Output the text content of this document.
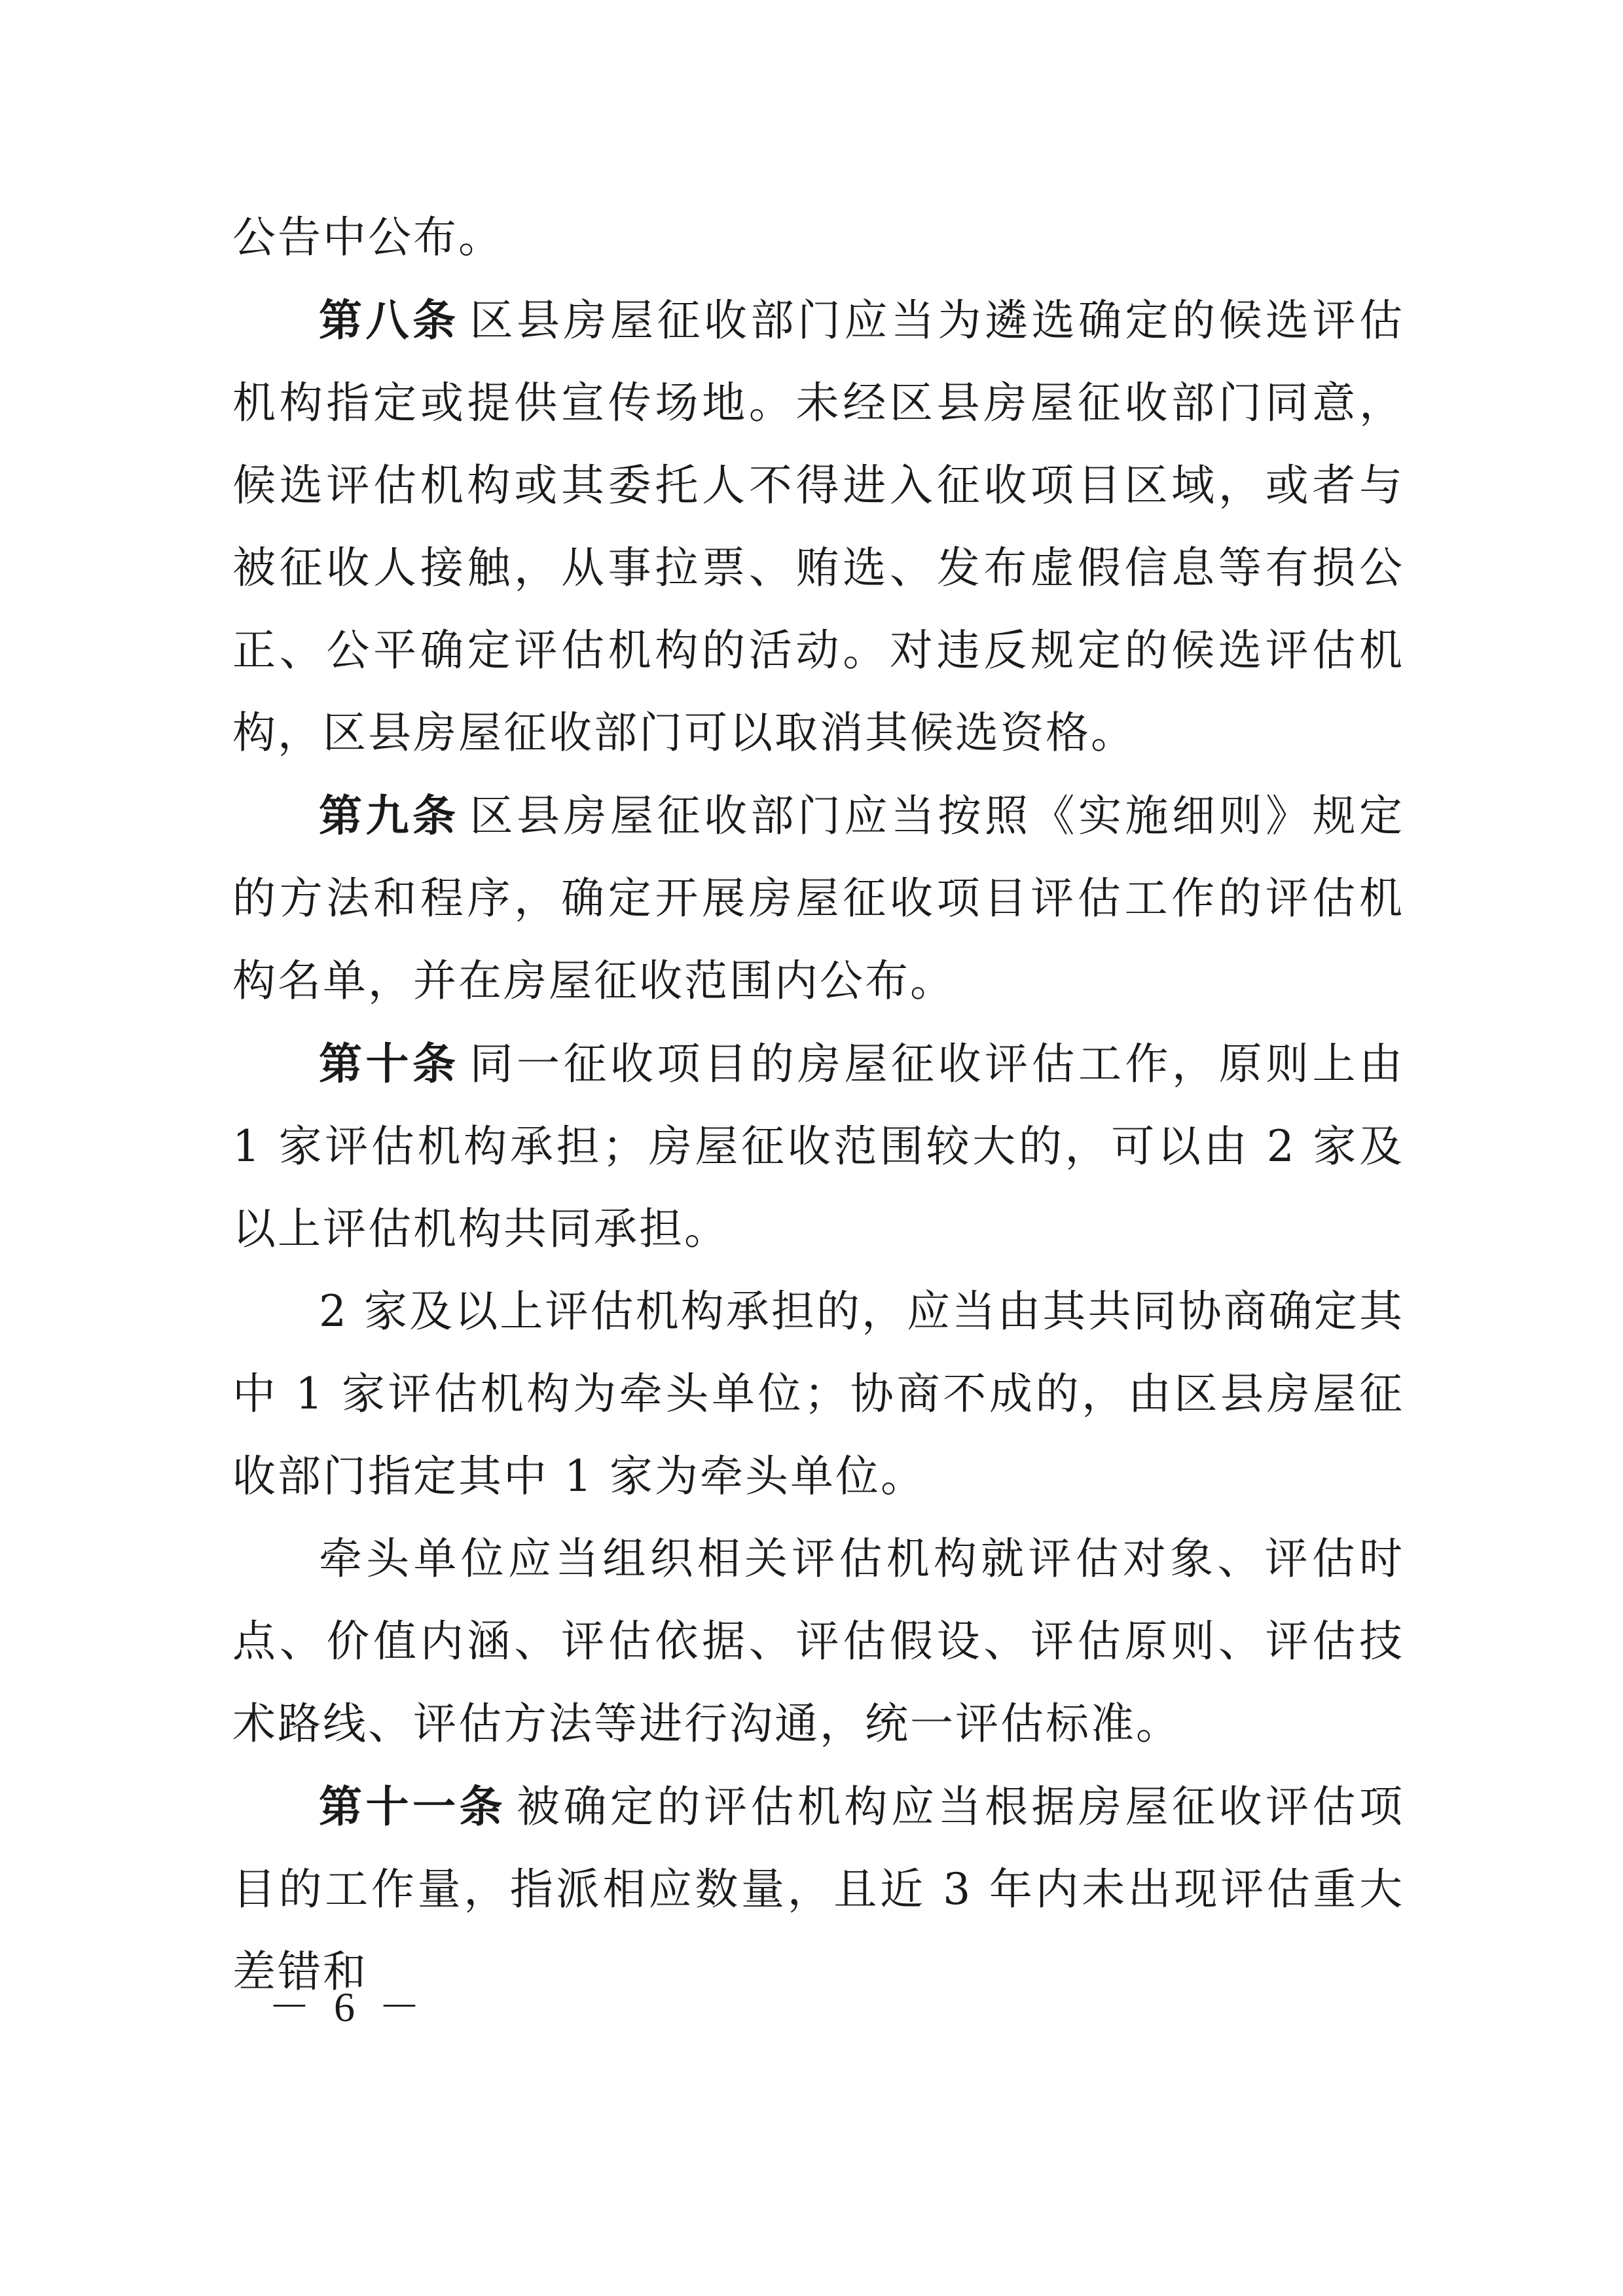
公告中公布。

第八条 区县房屋征收部门应当为遴选确定的候选评估机构指定或提供宣传场地。未经区县房屋征收部门同意，候选评估机构或其委托人不得进入征收项目区域，或者与被征收人接触，从事拉票、贿选、发布虚假信息等有损公正、公平确定评估机构的活动。对违反规定的候选评估机构，区县房屋征收部门可以取消其候选资格。

第九条 区县房屋征收部门应当按照《实施细则》规定的方法和程序，确定开展房屋征收项目评估工作的评估机构名单，并在房屋征收范围内公布。

第十条 同一征收项目的房屋征收评估工作，原则上由 1 家评估机构承担；房屋征收范围较大的，可以由 2 家及以上评估机构共同承担。

2 家及以上评估机构承担的，应当由其共同协商确定其中 1 家评估机构为牵头单位；协商不成的，由区县房屋征收部门指定其中 1 家为牵头单位。

牵头单位应当组织相关评估机构就评估对象、评估时点、价值内涵、评估依据、评估假设、评估原则、评估技术路线、评估方法等进行沟通，统一评估标准。

第十一条 被确定的评估机构应当根据房屋征收评估项目的工作量，指派相应数量，且近 3 年内未出现评估重大差错和

－ 6 －
